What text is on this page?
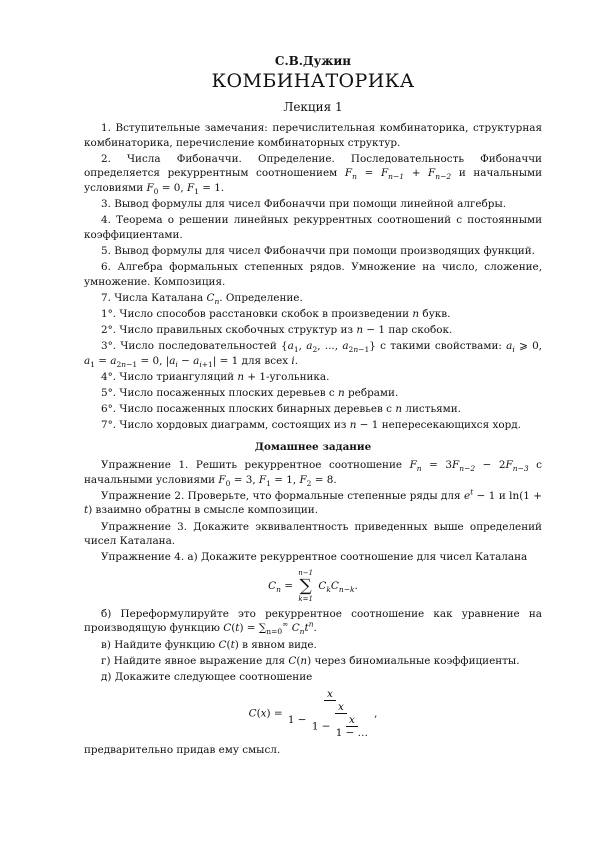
С.В.Дужин
КОМБИНАТОРИКА
Лекция 1

1. Вступительные замечания: перечислительная комбинаторика, структурная комбинаторика, перечисление комбинаторных структур.

2. Числа Фибоначчи. Определение. Последовательность Фибоначчи определяется рекуррентным соотношением $F_n = F_{n-1} + F_{n-2}$ и начальными условиями $F_0 = 0$, $F_1 = 1$.

3. Вывод формулы для чисел Фибоначчи при помощи линейной алгебры.

4. Теорема о решении линейных рекуррентных соотношений с постоянными коэффициентами.

5. Вывод формулы для чисел Фибоначчи при помощи производящих функций.

6. Алгебра формальных степенных рядов. Умножение на число, сложение, умножение. Композиция.

7. Числа Каталана $C_n$. Определение.

1°. Число способов расстановки скобок в произведении n букв.

2°. Число правильных скобочных структур из n − 1 пар скобок.

3°. Число последовательностей {$a_1$, $a_2$, ..., $a_{2n-1}$} с такими свойствами: $a_i$ ⩾ 0, $a_1 = a_{2n-1} = 0$, $|a_i - a_{i+1}| = 1$ для всех i.

4°. Число триангуляций n + 1-угольника.

5°. Число посаженных плоских деревьев с n ребрами.

6°. Число посаженных плоских бинарных деревьев с n листьями.

7°. Число хордовых диаграмм, состоящих из n − 1 непересекающихся хорд.

Домашнее задание

Упражнение 1. Решить рекуррентное соотношение $F_n = 3F_{n-2} - 2F_{n-3}$ с начальными условиями $F_0 = 3$, $F_1 = 1$, $F_2 = 8$.

Упражнение 2. Проверьте, что формальные степенные ряды для $e^t - 1$ и ln(1 + t) взаимно обратны в смысле композиции.

Упражнение 3. Докажите эквивалентность приведенных выше определений чисел Каталана.

Упражнение 4. а) Докажите рекуррентное соотношение для чисел Каталана

$C_n$ =
n−1
∑
k=1
$C_kC_{n-k}$.

б) Переформулируйте это рекуррентное соотношение как уравнение на производящую функцию $C(t) = \sum_{n=0}^\infty$ $C_nt^n$.

в) Найдите функцию C(t) в явном виде.

г) Найдите явное выражение для C(n) через биномиальные коэффициенты.

д) Докажите следующее соотношение

C(x) =
x
$1 - \frac{x}{1 - \frac{x}{1 - \dots}}$ ,

предварительно придав ему смысл.
